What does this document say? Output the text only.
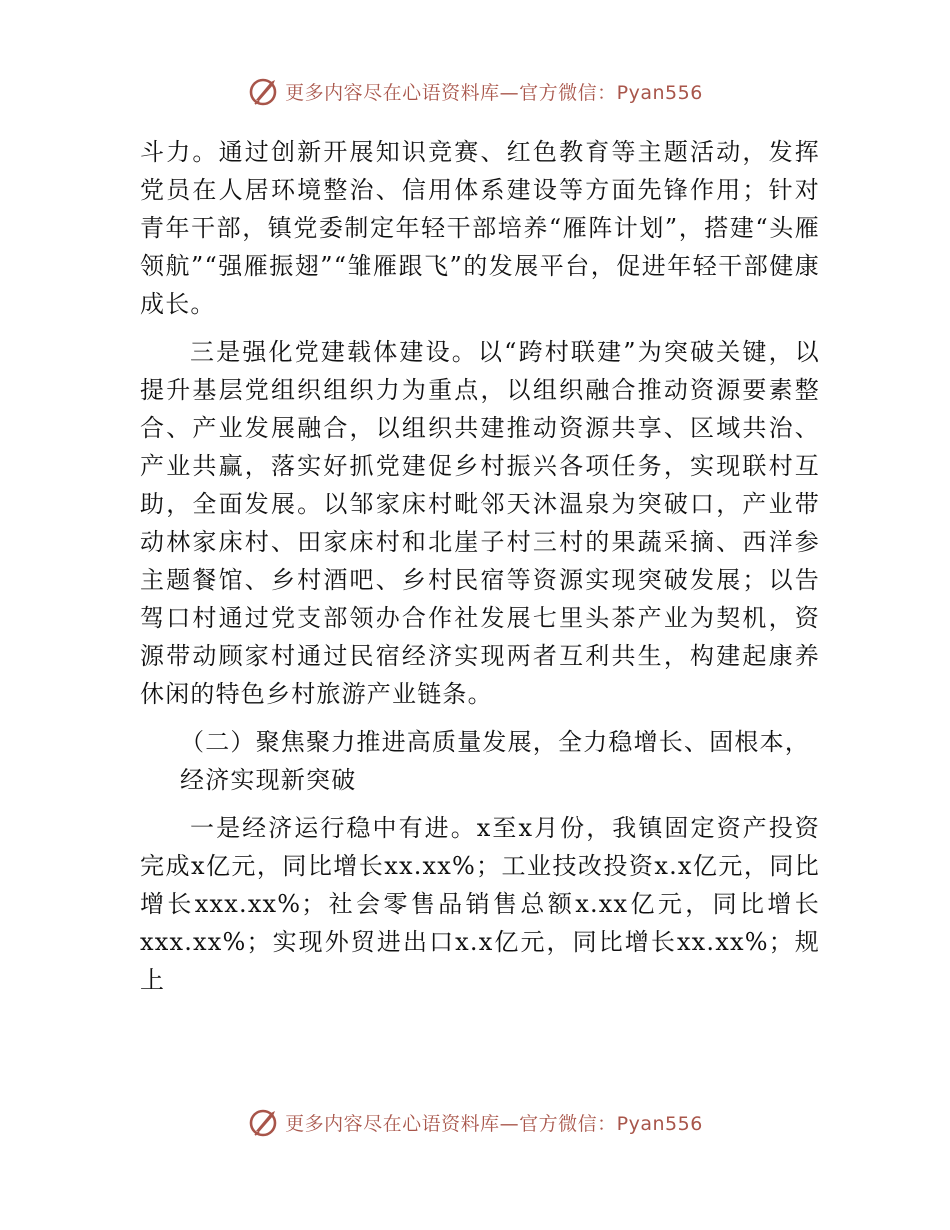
更多内容尽在心语资料库—官方微信：Pyan556

斗力。通过创新开展知识竞赛、红色教育等主题活动，发挥党员在人居环境整治、信用体系建设等方面先锋作用；针对青年干部，镇党委制定年轻干部培养“雁阵计划”，搭建“头雁领航”“强雁振翅”“雏雁跟飞”的发展平台，促进年轻干部健康成长。

三是强化党建载体建设。以“跨村联建”为突破关键，以提升基层党组织组织力为重点，以组织融合推动资源要素整合、产业发展融合，以组织共建推动资源共享、区域共治、产业共赢，落实好抓党建促乡村振兴各项任务，实现联村互助，全面发展。以邹家床村毗邻天沐温泉为突破口，产业带动林家床村、田家床村和北崖子村三村的果蔬采摘、西洋参主题餐馆、乡村酒吧、乡村民宿等资源实现突破发展；以告驾口村通过党支部领办合作社发展七里头茶产业为契机，资源带动顾家村通过民宿经济实现两者互利共生，构建起康养休闲的特色乡村旅游产业链条。

（二）聚焦聚力推进高质量发展，全力稳增长、固根本，
经济实现新突破

一是经济运行稳中有进。x至x月份，我镇固定资产投资完成x亿元，同比增长xx.xx%；工业技改投资x.x亿元，同比增长xxx.xx%；社会零售品销售总额x.xx亿元，同比增长xxx.xx%；实现外贸进出口x.x亿元，同比增长xx.xx%；规上

更多内容尽在心语资料库—官方微信：Pyan556
